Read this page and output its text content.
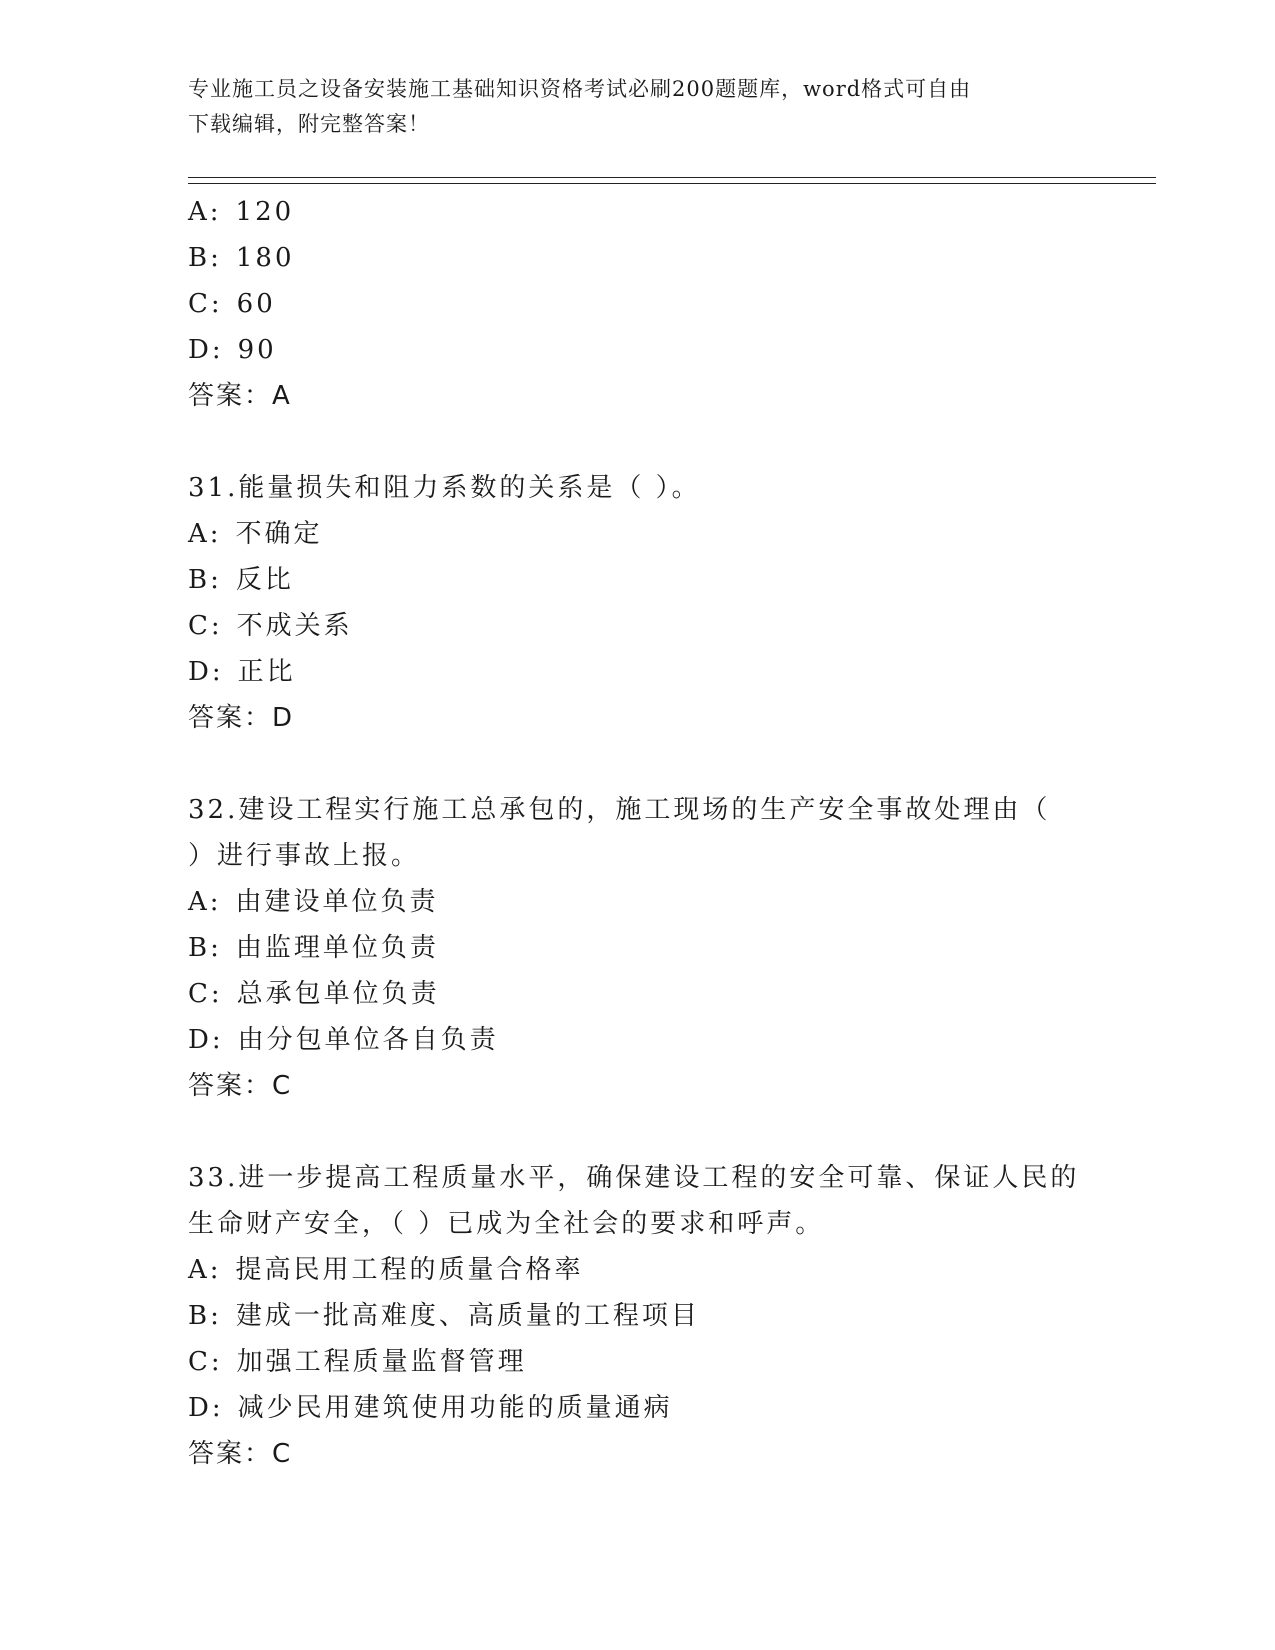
专业施工员之设备安装施工基础知识资格考试必刷200题题库，word格式可自由
下载编辑，附完整答案！
A: 120
B: 180
C: 60
D: 90
答案：A
31.能量损失和阻力系数的关系是（ ）。
A: 不确定
B: 反比
C: 不成关系
D: 正比
答案：D
32.建设工程实行施工总承包的，施工现场的生产安全事故处理由（
）进行事故上报。
A: 由建设单位负责
B: 由监理单位负责
C: 总承包单位负责
D: 由分包单位各自负责
答案：C
33.进一步提高工程质量水平，确保建设工程的安全可靠、保证人民的
生命财产安全，（ ）已成为全社会的要求和呼声。
A: 提高民用工程的质量合格率
B: 建成一批高难度、高质量的工程项目
C: 加强工程质量监督管理
D: 减少民用建筑使用功能的质量通病
答案：C
